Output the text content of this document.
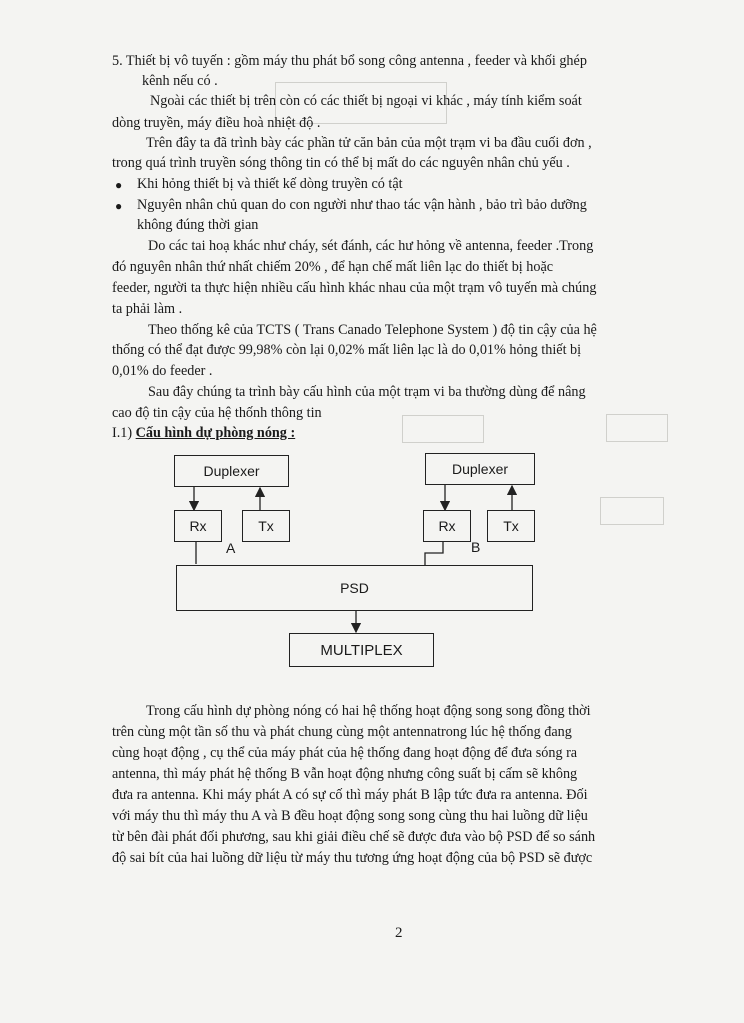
5. Thiết bị vô tuyến : gồm máy thu phát bổ song công antenna , feeder và khối ghép
kênh nếu có .
Ngoài các thiết bị trên còn có các thiết bị ngoại vi khác , máy tính kiểm soát
dòng truyền, máy điều hoà nhiệt độ .
Trên đây ta đã trình bày các phần tử căn bản của một trạm vi ba đầu cuối đơn ,
trong quá trình truyền sóng thông tin có thể bị mất do các nguyên nhân chủ yếu .
● Khi hỏng thiết bị và thiết kế dòng truyền có tật
● Nguyên nhân chủ quan do con người như thao tác vận hành , bảo trì bảo dưỡng
không đúng thời gian
Do các tai hoạ khác như cháy, sét đánh, các hư hỏng về antenna, feeder .Trong
đó nguyên nhân thứ nhất chiếm 20% , để hạn chế mất liên lạc do thiết bị hoặc
feeder, người ta thực hiện nhiều cấu hình khác nhau của một trạm vô tuyến mà chúng
ta phải làm .
Theo thống kê của TCTS ( Trans Canado Telephone System ) độ tin cậy của hệ
thống có thể đạt được 99,98% còn lại 0,02% mất liên lạc là do 0,01% hỏng thiết bị
0,01% do feeder .
Sau đây chúng ta trình bày cấu hình của một trạm vi ba thường dùng để nâng
cao độ tin cậy của hệ thốnh thông tin
I.1) Cấu hình dự phòng nóng :
Duplexer	Duplexer
Rx	Tx	Rx	Tx
A	B
PSD
MULTIPLEX
Trong cấu hình dự phòng nóng có hai hệ thống hoạt động song song đồng thời
trên cùng một tần số thu và phát chung cùng một antennatrong lúc hệ thống đang
cùng hoạt động , cụ thể của máy phát của hệ thống đang hoạt động để đưa sóng ra
antenna, thì máy phát hệ thống B vẫn hoạt động nhưng công suất bị cấm sẽ không
đưa ra antenna. Khi máy phát A có sự cố thì máy phát B lập tức đưa ra antenna. Đối
với máy thu thì máy thu A và B đều hoạt động song song cùng thu hai luồng dữ liệu
từ bên đài phát đối phương, sau khi giải điều chế sẽ được đưa vào bộ PSD để so sánh
độ sai bít của hai luồng dữ liệu từ máy thu tương ứng hoạt động của bộ PSD sẽ được
2
